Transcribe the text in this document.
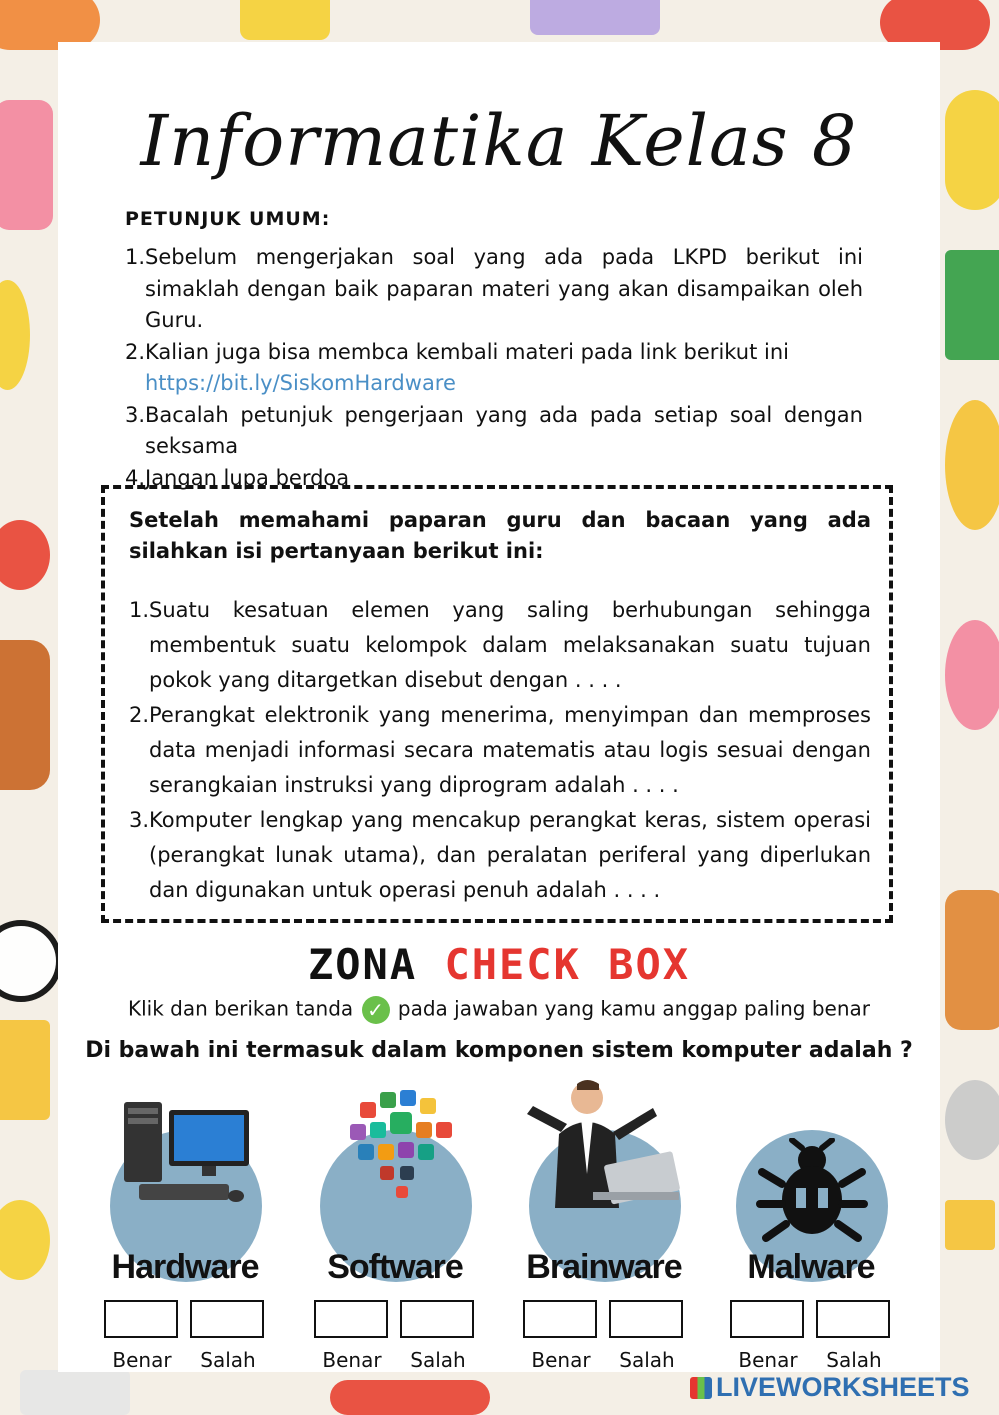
Informatika Kelas 8
PETUNJUK UMUM:
1. Sebelum mengerjakan soal yang ada pada LKPD berikut ini simaklah dengan baik paparan materi yang akan disampaikan oleh Guru.
2. Kalian juga bisa membca kembali materi pada link berikut ini
https://bit.ly/SiskomHardware
3. Bacalah petunjuk pengerjaan yang ada pada setiap soal dengan seksama
4. Jangan lupa berdoa
Setelah memahami paparan guru dan bacaan yang ada silahkan isi pertanyaan berikut ini:
1. Suatu kesatuan elemen yang saling berhubungan sehingga membentuk suatu kelompok dalam melaksanakan suatu tujuan pokok yang ditargetkan disebut dengan . . . .
2. Perangkat elektronik yang menerima, menyimpan dan memproses data menjadi informasi secara matematis atau logis sesuai dengan serangkaian instruksi yang diprogram adalah . . . .
3. Komputer lengkap yang mencakup perangkat keras, sistem operasi (perangkat lunak utama), dan peralatan periferal yang diperlukan dan digunakan untuk operasi penuh adalah . . . .
ZONA CHECK BOX
Klik dan berikan tanda ✓ pada jawaban yang kamu anggap paling benar
Di bawah ini termasuk dalam komponen sistem komputer adalah ?
Hardware
Benar	Salah
Software
Benar	Salah
Brainware
Benar	Salah
Malware
Benar	Salah
LIVEWORKSHEETS
